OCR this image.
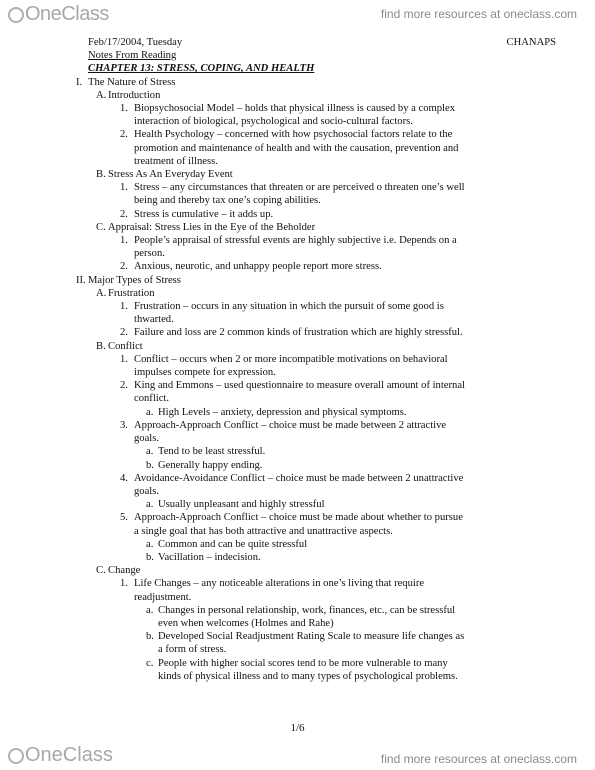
OneClass	find more resources at oneclass.com
Feb/17/2004, Tuesday	CHANAPS
Notes From Reading
CHAPTER 13: STRESS, COPING, AND HEALTH
I. The Nature of Stress
A. Introduction
1. Biopsychosocial Model – holds that physical illness is caused by a complex
interaction of biological, psychological and socio-cultural factors.
2. Health Psychology – concerned with how psychosocial factors relate to the
promotion and maintenance of health and with the causation, prevention and
treatment of illness.
B. Stress As An Everyday Event
1. Stress – any circumstances that threaten or are perceived o threaten one’s well
being and thereby tax one’s coping abilities.
2. Stress is cumulative – it adds up.
C. Appraisal: Stress Lies in the Eye of the Beholder
1. People’s appraisal of stressful events are highly subjective i.e. Depends on a
person.
2. Anxious, neurotic, and unhappy people report more stress.
II. Major Types of Stress
A. Frustration
1. Frustration – occurs in any situation in which the pursuit of some good is
thwarted.
2. Failure and loss are 2 common kinds of frustration which are highly stressful.
B. Conflict
1. Conflict – occurs when 2 or more incompatible motivations on behavioral
impulses compete for expression.
2. King and Emmons – used questionnaire to measure overall amount of internal
conflict.
a. High Levels – anxiety, depression and physical symptoms.
3. Approach-Approach Conflict – choice must be made between 2 attractive
goals.
a. Tend to be least stressful.
b. Generally happy ending.
4. Avoidance-Avoidance Conflict – choice must be made between 2 unattractive
goals.
a. Usually unpleasant and highly stressful
5. Approach-Approach Conflict – choice must be made about whether to pursue
a single goal that has both attractive and unattractive aspects.
a. Common and can be quite stressful
b. Vacillation – indecision.
C. Change
1. Life Changes – any noticeable alterations in one’s living that require
readjustment.
a. Changes in personal relationship, work, finances, etc., can be stressful
even when welcomes (Holmes and Rahe)
b. Developed Social Readjustment Rating Scale to measure life changes as
a form of stress.
c. People with higher social scores tend to be more vulnerable to many
kinds of physical illness and to many types of psychological problems.
1/6
OneClass	find more resources at oneclass.com
